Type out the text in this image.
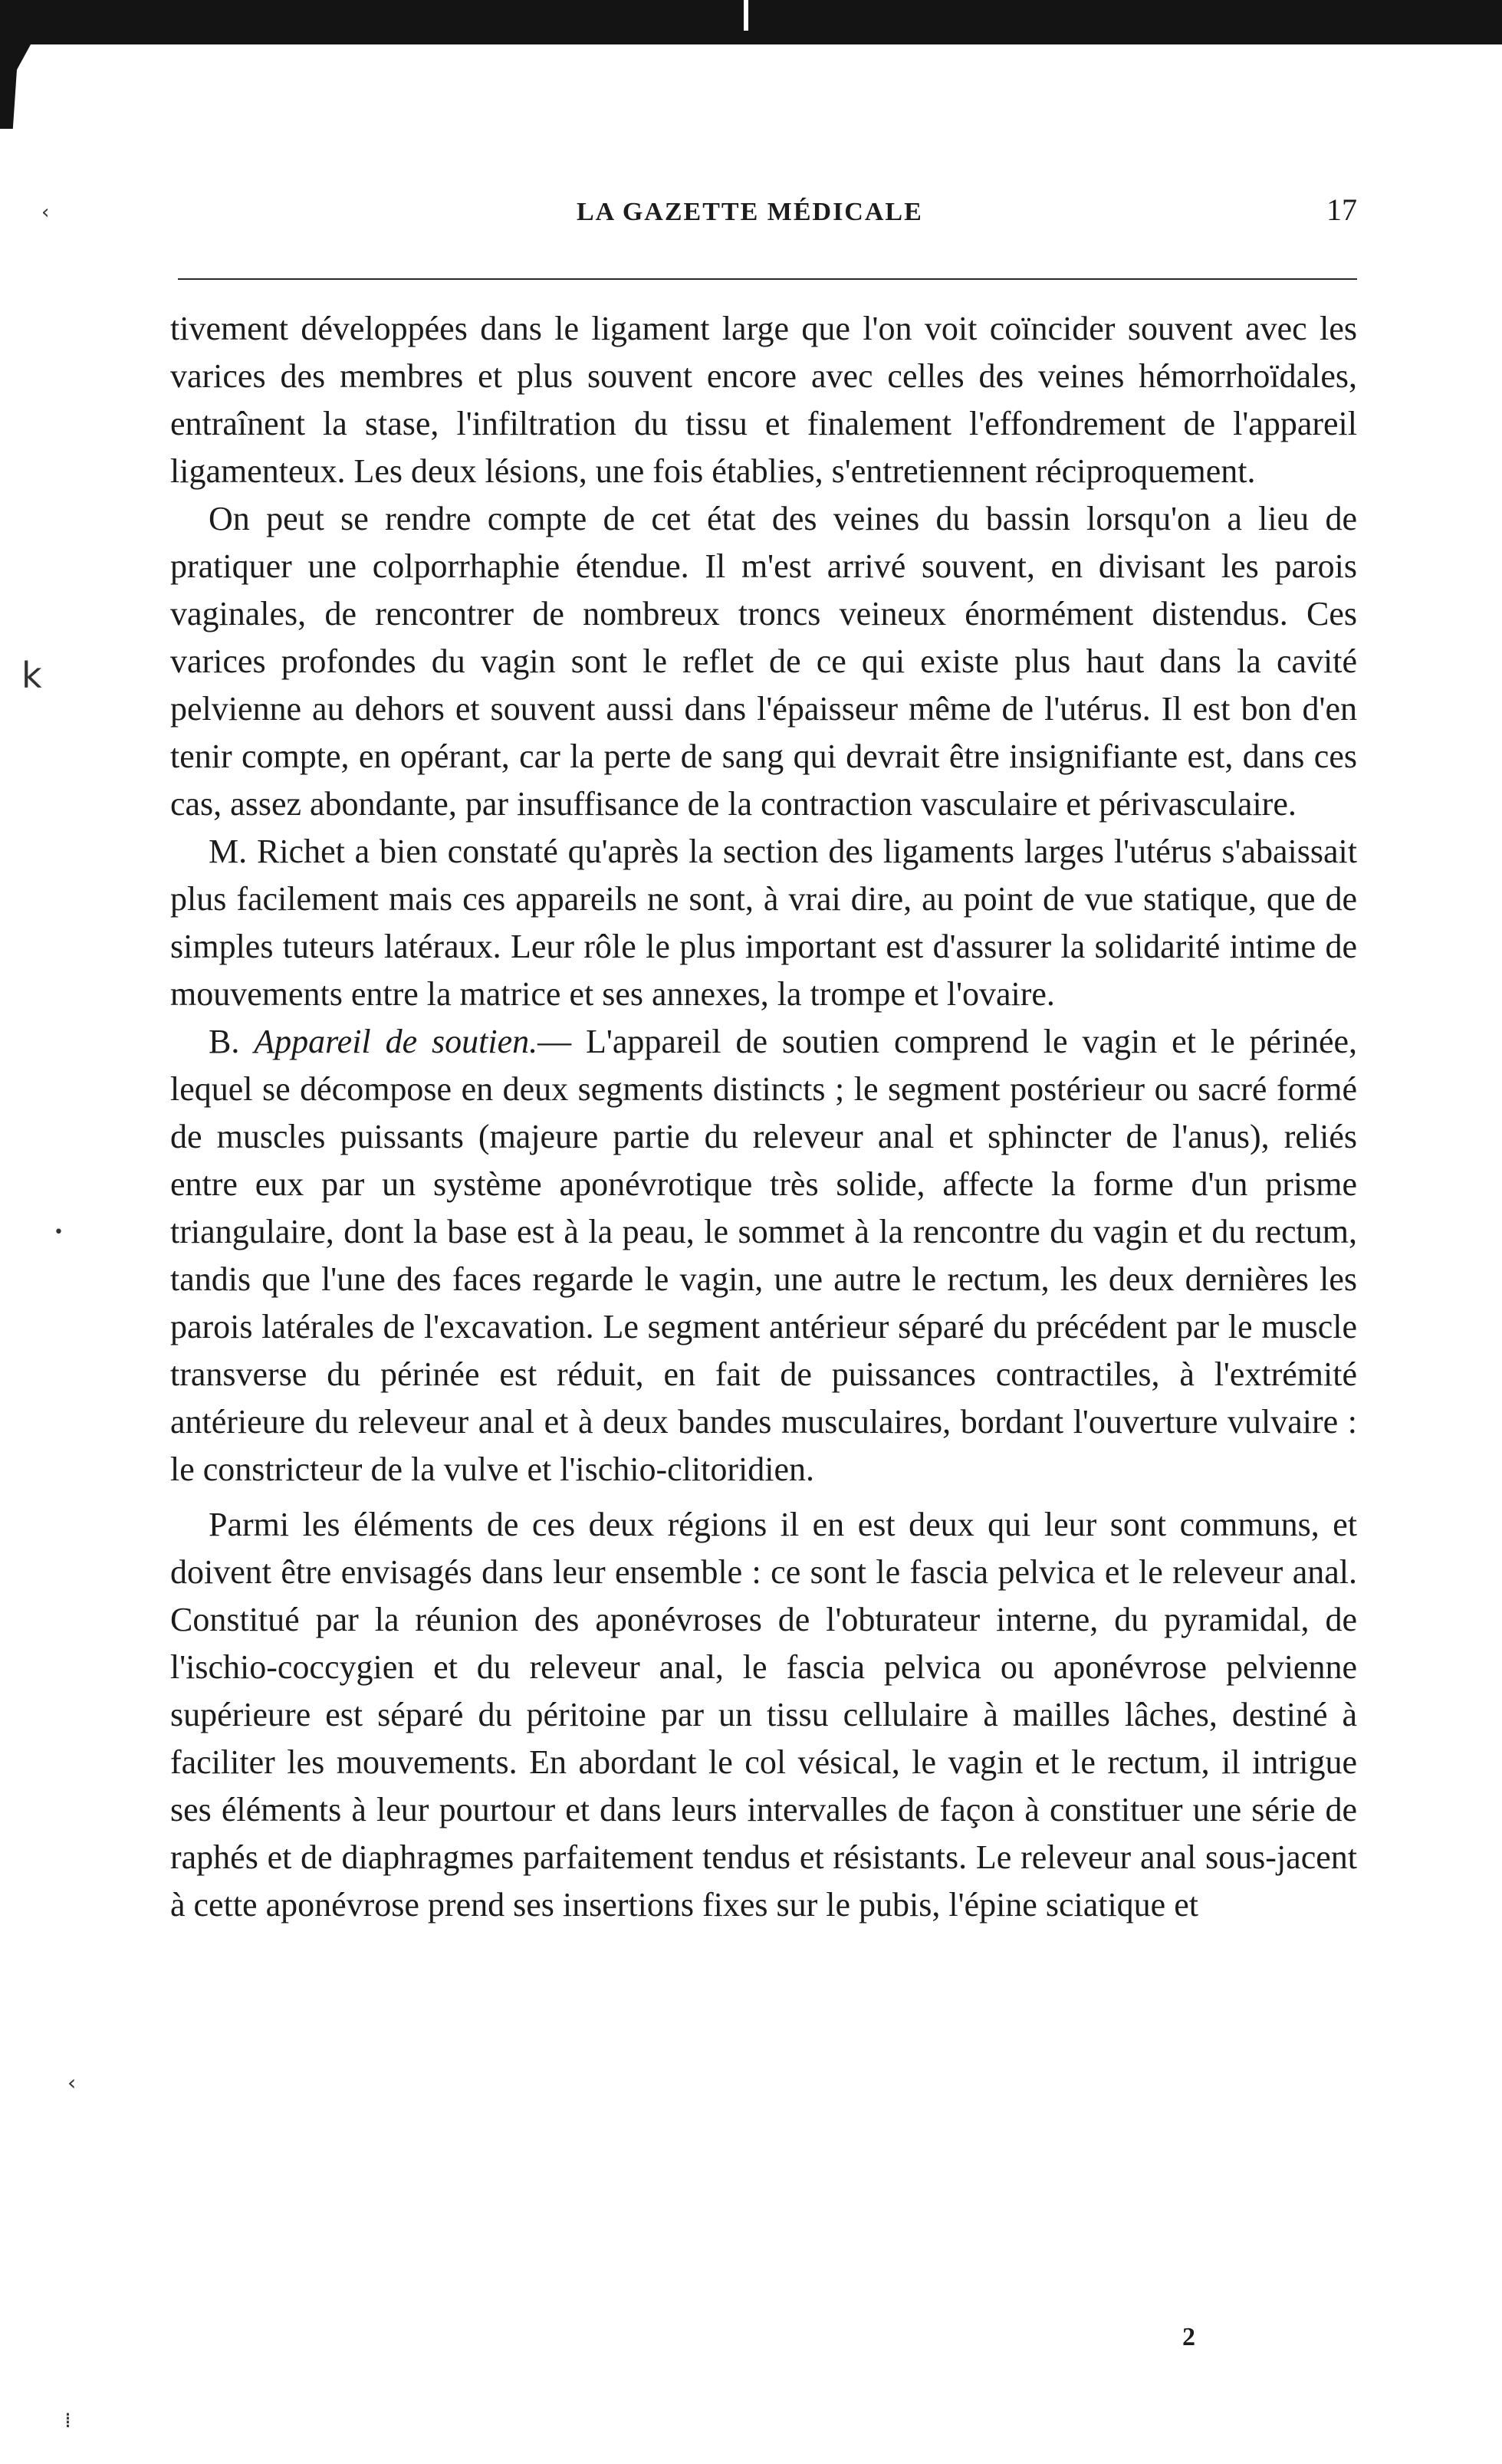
‹
k
•
‹
⁞
LA GAZETTE MÉDICALE	17

tivement développées dans le ligament large que l'on voit coïncider souvent avec les varices des membres et plus souvent encore avec celles des veines hémorrhoïdales, entraînent la stase, l'infiltration du tissu et finalement l'effondrement de l'appareil ligamenteux. Les deux lésions, une fois établies, s'entretiennent réciproquement.

On peut se rendre compte de cet état des veines du bassin lorsqu'on a lieu de pratiquer une colporrhaphie étendue. Il m'est arrivé souvent, en divisant les parois vaginales, de rencontrer de nombreux troncs veineux énormément distendus. Ces varices profondes du vagin sont le reflet de ce qui existe plus haut dans la cavité pelvienne au dehors et souvent aussi dans l'épaisseur même de l'utérus. Il est bon d'en tenir compte, en opérant, car la perte de sang qui devrait être insignifiante est, dans ces cas, assez abondante, par insuffisance de la contraction vasculaire et périvasculaire.

M. Richet a bien constaté qu'après la section des ligaments larges l'utérus s'abaissait plus facilement mais ces appareils ne sont, à vrai dire, au point de vue statique, que de simples tuteurs latéraux. Leur rôle le plus important est d'assurer la solidarité intime de mouvements entre la matrice et ses annexes, la trompe et l'ovaire.

B. Appareil de soutien.— L'appareil de soutien comprend le vagin et le périnée, lequel se décompose en deux segments distincts ; le segment postérieur ou sacré formé de muscles puissants (majeure partie du releveur anal et sphincter de l'anus), reliés entre eux par un système aponévrotique très solide, affecte la forme d'un prisme triangulaire, dont la base est à la peau, le sommet à la rencontre du vagin et du rectum, tandis que l'une des faces regarde le vagin, une autre le rectum, les deux dernières les parois latérales de l'excavation. Le segment antérieur séparé du précédent par le muscle transverse du périnée est réduit, en fait de puissances contractiles, à l'extrémité antérieure du releveur anal et à deux bandes musculaires, bordant l'ouverture vulvaire : le constricteur de la vulve et l'ischio-clitoridien.

Parmi les éléments de ces deux régions il en est deux qui leur sont communs, et doivent être envisagés dans leur ensemble : ce sont le fascia pelvica et le releveur anal. Constitué par la réunion des aponévroses de l'obturateur interne, du pyramidal, de l'ischio-coccygien et du releveur anal, le fascia pelvica ou aponévrose pelvienne supérieure est séparé du péritoine par un tissu cellulaire à mailles lâches, destiné à faciliter les mouvements. En abordant le col vésical, le vagin et le rectum, il intrigue ses éléments à leur pourtour et dans leurs intervalles de façon à constituer une série de raphés et de diaphragmes parfaitement tendus et résistants. Le releveur anal sous-jacent à cette aponévrose prend ses insertions fixes sur le pubis, l'épine sciatique et

2
